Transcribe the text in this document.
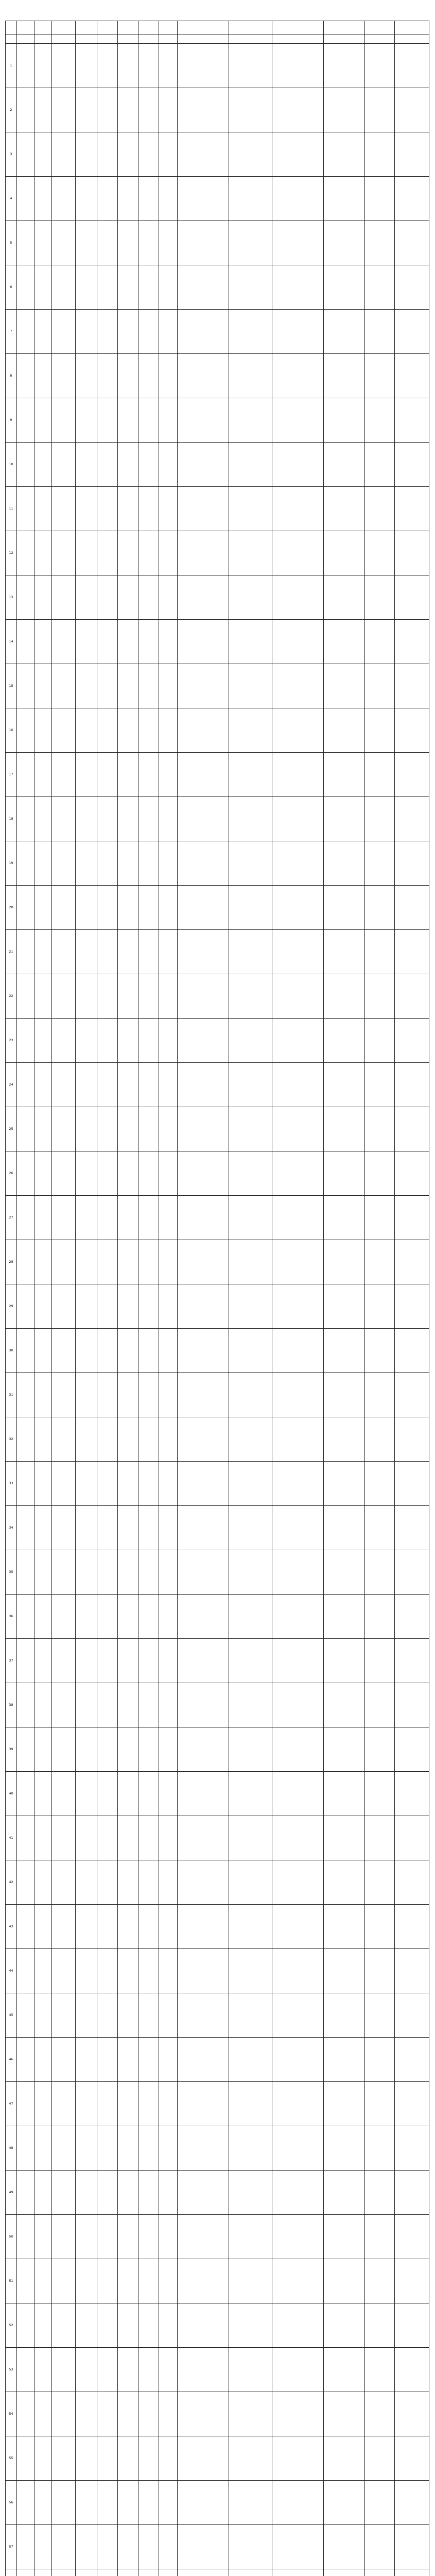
1														
2														
3														
4														
5														
6														
7														
8														
9														
10														
11														
12														
13														
14														
15														
16														
17														
18														
19														
20														
21														
22														
23														
24														
25														
26														
27														
28														
29														
30														
31														
32														
33														
34														
35														
36														
37														
38														
39														
40														
41														
42														
43														
44														
45														
46														
47														
48														
49														
50														
51														
52														
53														
54														
55														
56														
57														
